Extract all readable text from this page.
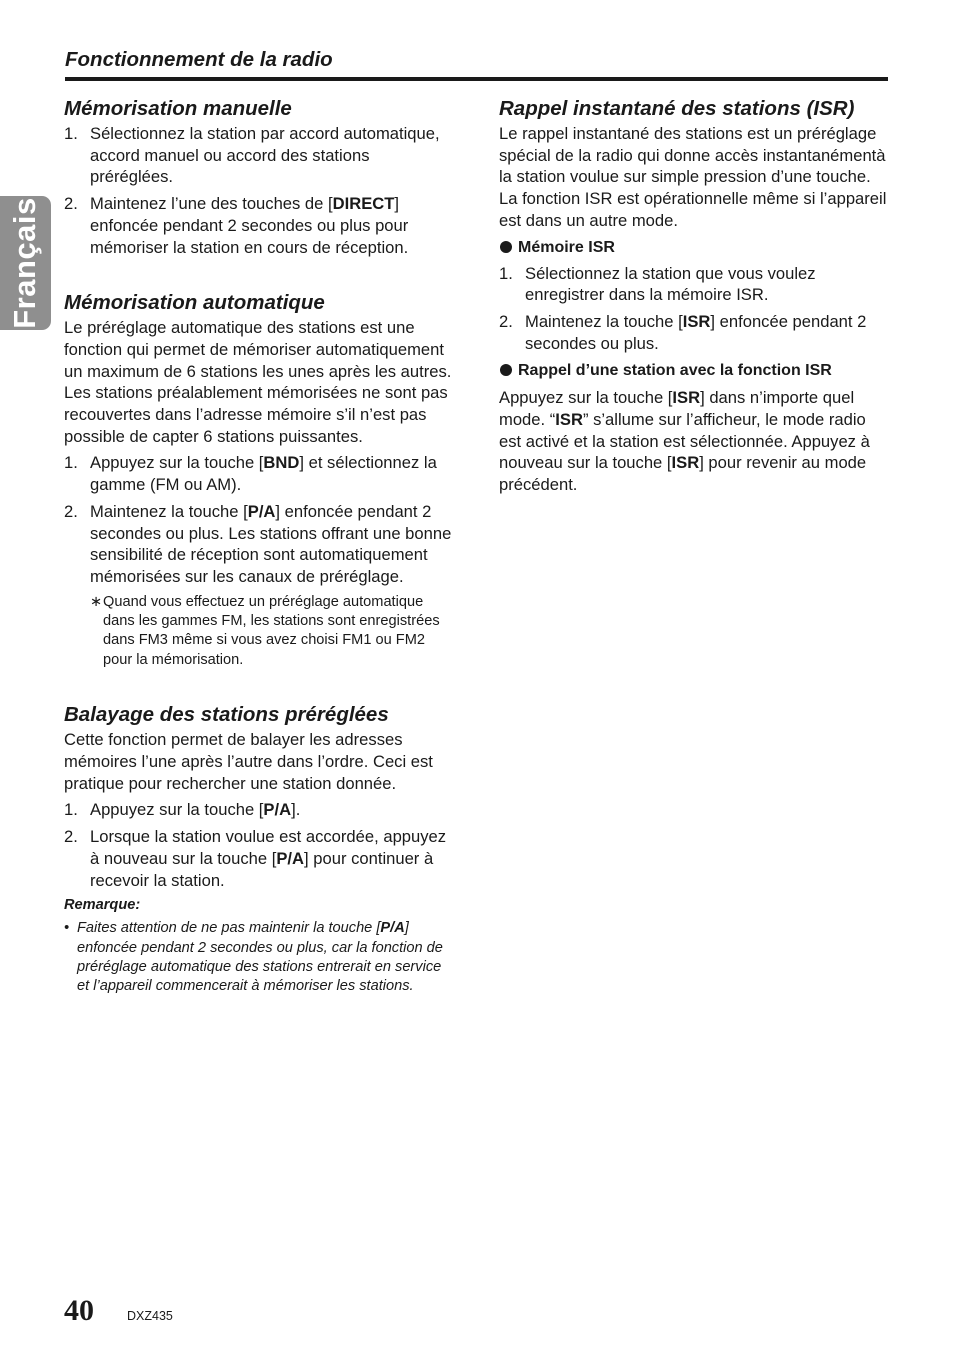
Fonctionnement de la radio
Français
Mémorisation manuelle
1. Sélectionnez la station par accord automatique, accord manuel ou accord des stations préréglées.
2. Maintenez l’une des touches de [DIRECT] enfoncée pendant 2 secondes ou plus pour mémoriser la station en cours de réception.
Mémorisation automatique

Le préréglage automatique des stations est une fonction qui permet de mémoriser automatiquement un maximum de 6 stations les unes après les autres. Les stations préalablement mémorisées ne sont pas recouvertes dans l’adresse mémoire s’il n’est pas possible de capter 6 stations puissantes.

1. Appuyez sur la touche [BND] et sélectionnez la gamme (FM ou AM).
2. Maintenez la touche [P/A] enfoncée pendant 2 secondes ou plus. Les stations offrant une bonne sensibilité de réception sont automatiquement mémorisées sur les canaux de préréglage.
∗ Quand vous effectuez un préréglage automatique dans les gammes FM, les stations sont enregistrées dans FM3 même si vous avez choisi FM1 ou FM2 pour la mémorisation.
Balayage des stations préréglées

Cette fonction permet de balayer les adresses mémoires l’une après l’autre dans l’ordre. Ceci est pratique pour rechercher une station donnée.

1. Appuyez sur la touche [P/A].
2. Lorsque la station voulue est accordée, appuyez à nouveau sur la touche [P/A] pour continuer à recevoir la station.
Remarque:
• Faites attention de ne pas maintenir la touche [P/A] enfoncée pendant 2 secondes ou plus, car la fonction de préréglage automatique des stations entrerait en service et l’appareil commencerait à mémoriser les stations.
Rappel instantané des stations (ISR)

Le rappel instantané des stations est un préréglage spécial de la radio qui donne accès instantanémentà la station voulue sur simple pression d’une touche. La fonction ISR est opérationnelle même si l’appareil est dans un autre mode.

Mémoire ISR
1. Sélectionnez la station que vous voulez enregistrer dans la mémoire ISR.
2. Maintenez la touche [ISR] enfoncée pendant 2 secondes ou plus.
Rappel d’une station avec la fonction ISR

Appuyez sur la touche [ISR] dans n’importe quel mode. “ISR” s’allume sur l’afficheur, le mode radio est activé et la station est sélectionnée. Appuyez à nouveau sur la touche [ISR] pour revenir au mode précédent.

40	DXZ435
